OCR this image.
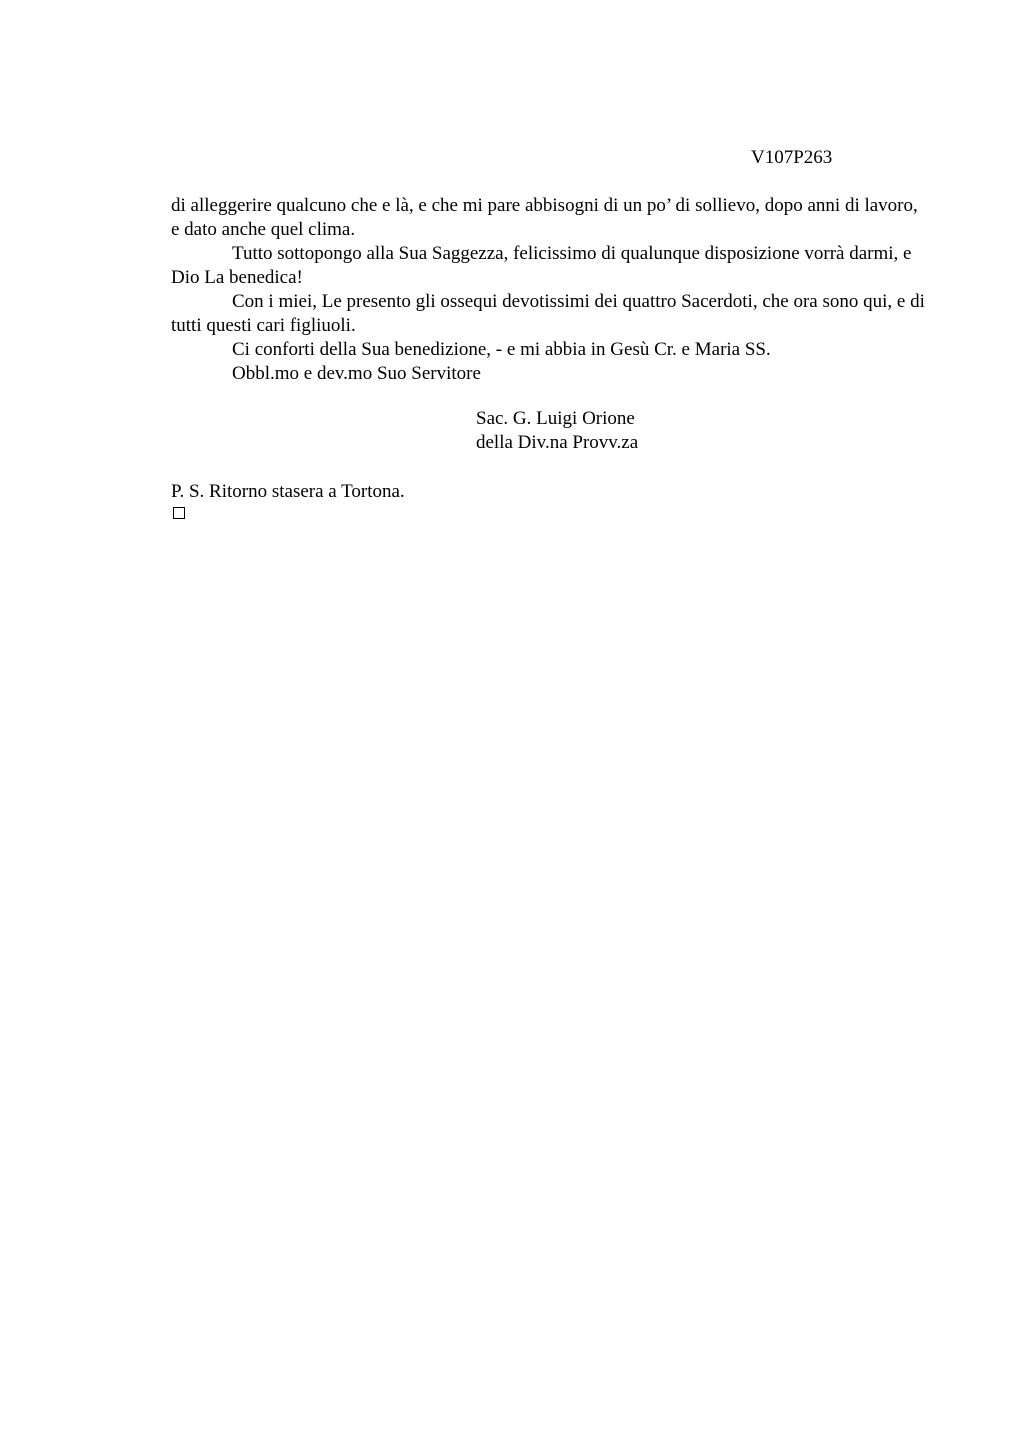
V107P263

di alleggerire qualcuno che e là, e che mi pare abbisogni di un po’ di sollievo, dopo anni di lavoro, e dato anche quel clima.

Tutto sottopongo alla Sua Saggezza, felicissimo di qualunque disposizione vorrà darmi, e Dio La benedica!

Con i miei, Le presento gli ossequi devotissimi dei quattro Sacerdoti, che ora sono qui, e di tutti questi cari figliuoli.

Ci conforti della Sua benedizione, - e mi abbia in Gesù Cr. e Maria SS.

Obbl.mo e dev.mo Suo Servitore

Sac. G. Luigi Orione
della Div.na Provv.za
P. S. Ritorno stasera a Tortona.
